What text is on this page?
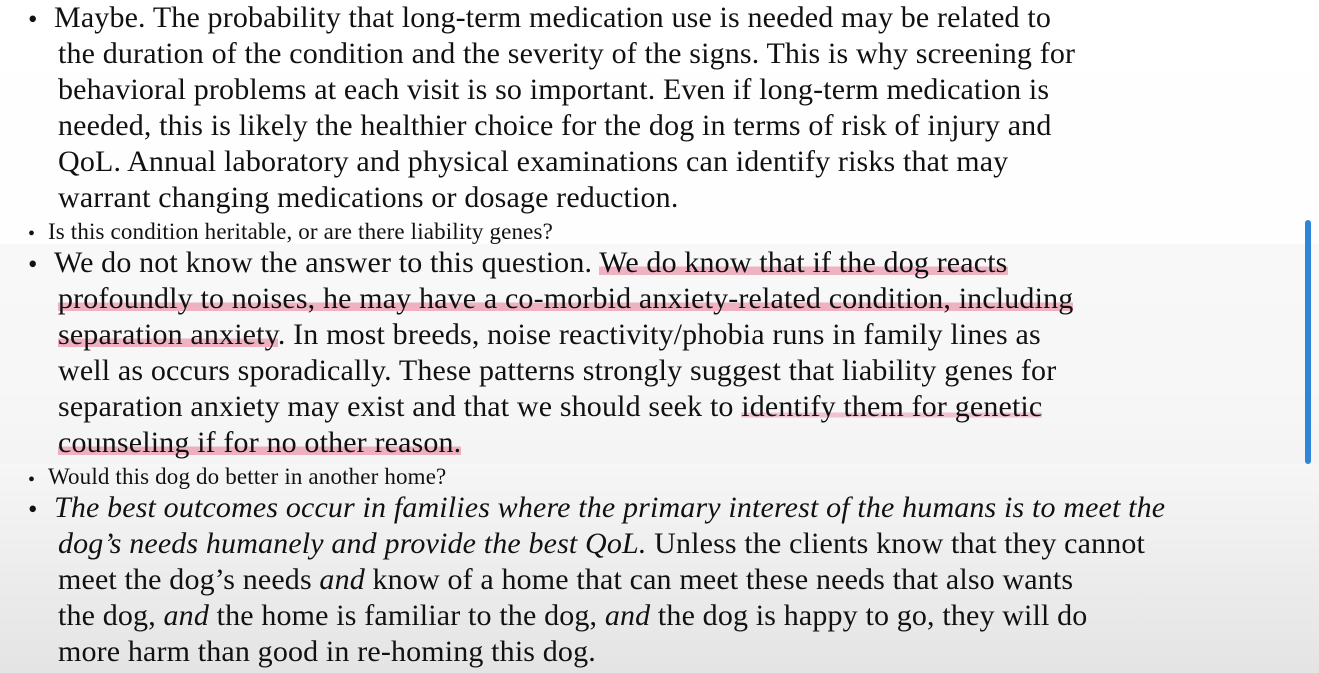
• Maybe. The probability that long-term medication use is needed may be related to
the duration of the condition and the severity of the signs. This is why screening for
behavioral problems at each visit is so important. Even if long-term medication is
needed, this is likely the healthier choice for the dog in terms of risk of injury and
QoL. Annual laboratory and physical examinations can identify risks that may
warrant changing medications or dosage reduction.
• Is this condition heritable, or are there liability genes?
• We do not know the answer to this question. We do know that if the dog reacts
profoundly to noises, he may have a co-morbid anxiety-related condition, including
separation anxiety. In most breeds, noise reactivity/phobia runs in family lines as
well as occurs sporadically. These patterns strongly suggest that liability genes for
separation anxiety may exist and that we should seek to identify them for genetic
counseling if for no other reason.
• Would this dog do better in another home?
• The best outcomes occur in families where the primary interest of the humans is to meet the
dog’s needs humanely and provide the best QoL. Unless the clients know that they cannot
meet the dog’s needs and know of a home that can meet these needs that also wants
the dog, and the home is familiar to the dog, and the dog is happy to go, they will do
more harm than good in re-homing this dog.
